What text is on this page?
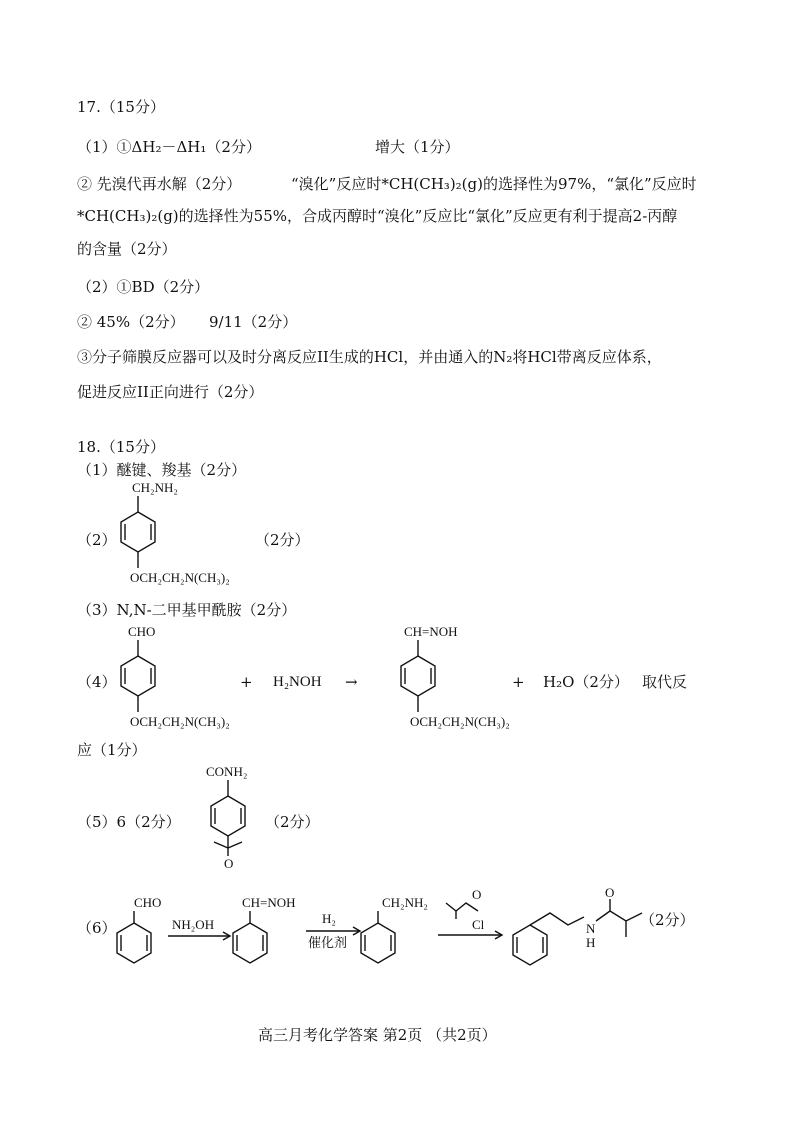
17.（15分）
（1）①ΔH₂－ΔH₁（2分）	增大（1分）
② 先溴代再水解（2分）	“溴化”反应时*CH(CH₃)₂(g)的选择性为97%，“氯化”反应时
*CH(CH₃)₂(g)的选择性为55%，合成丙醇时“溴化”反应比“氯化”反应更有利于提高2-丙醇
的含量（2分）
（2）①BD（2分）
② 45%（2分） 9/11（2分）
③分子筛膜反应器可以及时分离反应II生成的HCl，并由通入的N₂将HCl带离反应体系，
促进反应II正向进行（2分）
18.（15分）
（1）醚键、羧基（2分）
（2）
CH₂NH₂
OCH₂CH₂N(CH₃)₂
（2分）
（3）N,N-二甲基甲酰胺（2分）
（4）
CHO
OCH₂CH₂N(CH₃)₂
+ H₂NOH →
CH=NOH
OCH₂CH₂N(CH₃)₂
+ H₂O（2分） 取代反
应（1分）
（5）6（2分）
CONH₂
O
（2分）
（6）
CHO
NH₂OH
CH=NOH
H₂
催化剂
CH₂NH₂
O
Cl	N
H
O
（2分）
高三月考化学答案 第2页 （共2页）
